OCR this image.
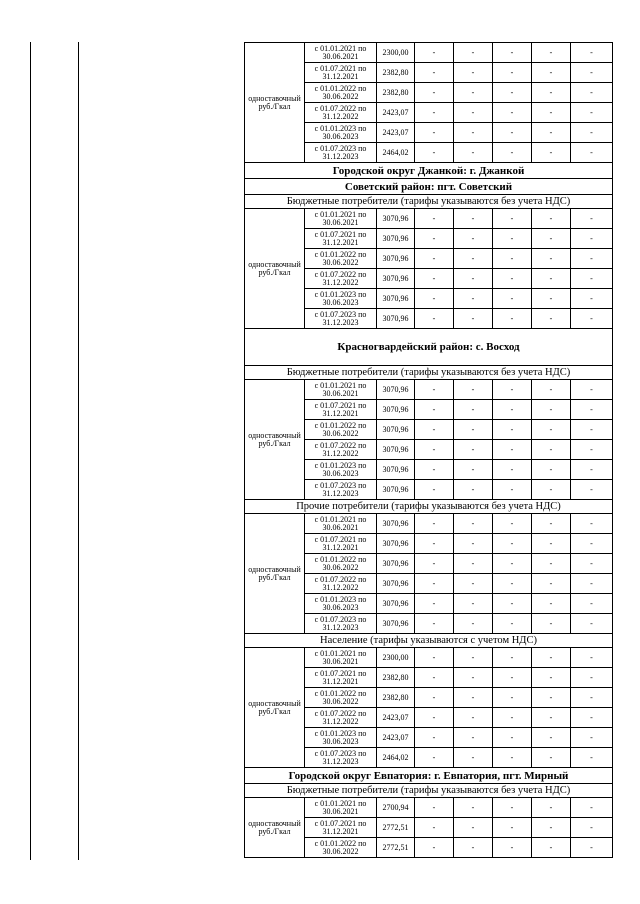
одноставочный руб./Гкал	с 01.01.2021 по 30.06.2021	2300,00	-	-	-	-	-
	с 01.07.2021 по 31.12.2021	2382,80	-	-	-	-	-
	с 01.01.2022 по 30.06.2022	2382,80	-	-	-	-	-
	с 01.07.2022 по 31.12.2022	2423,07	-	-	-	-	-
	с 01.01.2023 по 30.06.2023	2423,07	-	-	-	-	-
	с 01.07.2023 по 31.12.2023	2464,02	-	-	-	-	-
Городской округ Джанкой: г. Джанкой							
Советский район: пгт. Советский							
Бюджетные потребители (тарифы указываются без учета НДС)							
одноставочный руб./Гкал	с 01.01.2021 по 30.06.2021	3070,96	-	-	-	-	-
	с 01.07.2021 по 31.12.2021	3070,96	-	-	-	-	-
	с 01.01.2022 по 30.06.2022	3070,96	-	-	-	-	-
	с 01.07.2022 по 31.12.2022	3070,96	-	-	-	-	-
	с 01.01.2023 по 30.06.2023	3070,96	-	-	-	-	-
	с 01.07.2023 по 31.12.2023	3070,96	-	-	-	-	-
Красногвардейский район: с. Восход							
Бюджетные потребители (тарифы указываются без учета НДС)							
одноставочный руб./Гкал	с 01.01.2021 по 30.06.2021	3070,96	-	-	-	-	-
	с 01.07.2021 по 31.12.2021	3070,96	-	-	-	-	-
	с 01.01.2022 по 30.06.2022	3070,96	-	-	-	-	-
	с 01.07.2022 по 31.12.2022	3070,96	-	-	-	-	-
	с 01.01.2023 по 30.06.2023	3070,96	-	-	-	-	-
	с 01.07.2023 по 31.12.2023	3070,96	-	-	-	-	-
Прочие потребители (тарифы указываются без учета НДС)							
одноставочный руб./Гкал	с 01.01.2021 по 30.06.2021	3070,96	-	-	-	-	-
	с 01.07.2021 по 31.12.2021	3070,96	-	-	-	-	-
	с 01.01.2022 по 30.06.2022	3070,96	-	-	-	-	-
	с 01.07.2022 по 31.12.2022	3070,96	-	-	-	-	-
	с 01.01.2023 по 30.06.2023	3070,96	-	-	-	-	-
	с 01.07.2023 по 31.12.2023	3070,96	-	-	-	-	-
Население (тарифы указываются с учетом НДС)							
одноставочный руб./Гкал	с 01.01.2021 по 30.06.2021	2300,00	-	-	-	-	-
	с 01.07.2021 по 31.12.2021	2382,80	-	-	-	-	-
	с 01.01.2022 по 30.06.2022	2382,80	-	-	-	-	-
	с 01.07.2022 по 31.12.2022	2423,07	-	-	-	-	-
	с 01.01.2023 по 30.06.2023	2423,07	-	-	-	-	-
	с 01.07.2023 по 31.12.2023	2464,02	-	-	-	-	-
Городской округ Евпатория: г. Евпатория, пгт. Мирный							
Бюджетные потребители (тарифы указываются без учета НДС)							
одноставочный руб./Гкал	с 01.01.2021 по 30.06.2021	2700,94	-	-	-	-	-
	с 01.07.2021 по 31.12.2021	2772,51	-	-	-	-	-
	с 01.01.2022 по 30.06.2022	2772,51	-	-	-	-	-
